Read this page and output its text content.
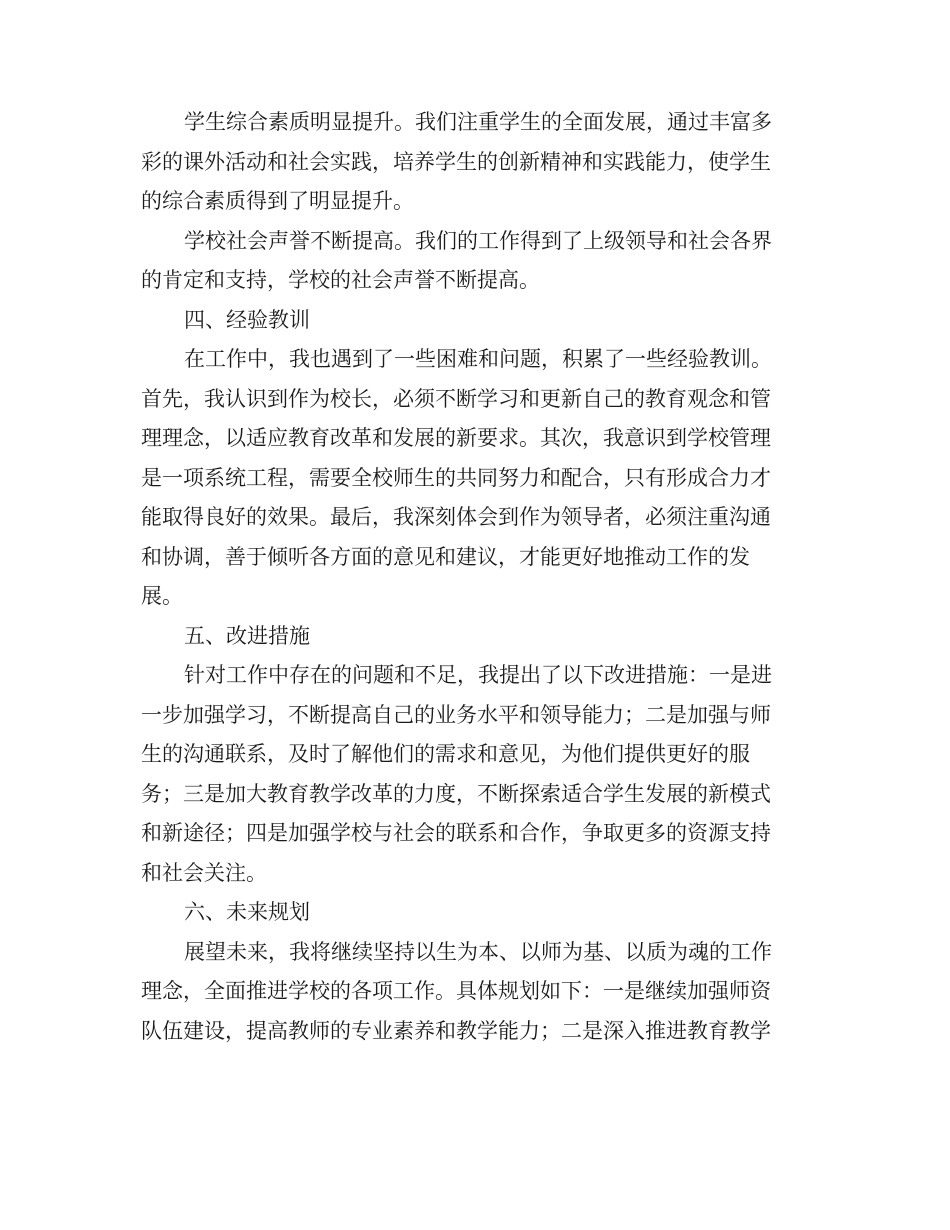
学生综合素质明显提升。我们注重学生的全面发展，通过丰富多
彩的课外活动和社会实践，培养学生的创新精神和实践能力，使学生
的综合素质得到了明显提升。
学校社会声誉不断提高。我们的工作得到了上级领导和社会各界
的肯定和支持，学校的社会声誉不断提高。
四、经验教训
在工作中，我也遇到了一些困难和问题，积累了一些经验教训。
首先，我认识到作为校长，必须不断学习和更新自己的教育观念和管
理理念，以适应教育改革和发展的新要求。其次，我意识到学校管理
是一项系统工程，需要全校师生的共同努力和配合，只有形成合力才
能取得良好的效果。最后，我深刻体会到作为领导者，必须注重沟通
和协调，善于倾听各方面的意见和建议，才能更好地推动工作的发
展。
五、改进措施
针对工作中存在的问题和不足，我提出了以下改进措施：一是进
一步加强学习，不断提高自己的业务水平和领导能力；二是加强与师
生的沟通联系，及时了解他们的需求和意见，为他们提供更好的服
务；三是加大教育教学改革的力度，不断探索适合学生发展的新模式
和新途径；四是加强学校与社会的联系和合作，争取更多的资源支持
和社会关注。
六、未来规划
展望未来，我将继续坚持以生为本、以师为基、以质为魂的工作
理念，全面推进学校的各项工作。具体规划如下：一是继续加强师资
队伍建设，提高教师的专业素养和教学能力；二是深入推进教育教学
